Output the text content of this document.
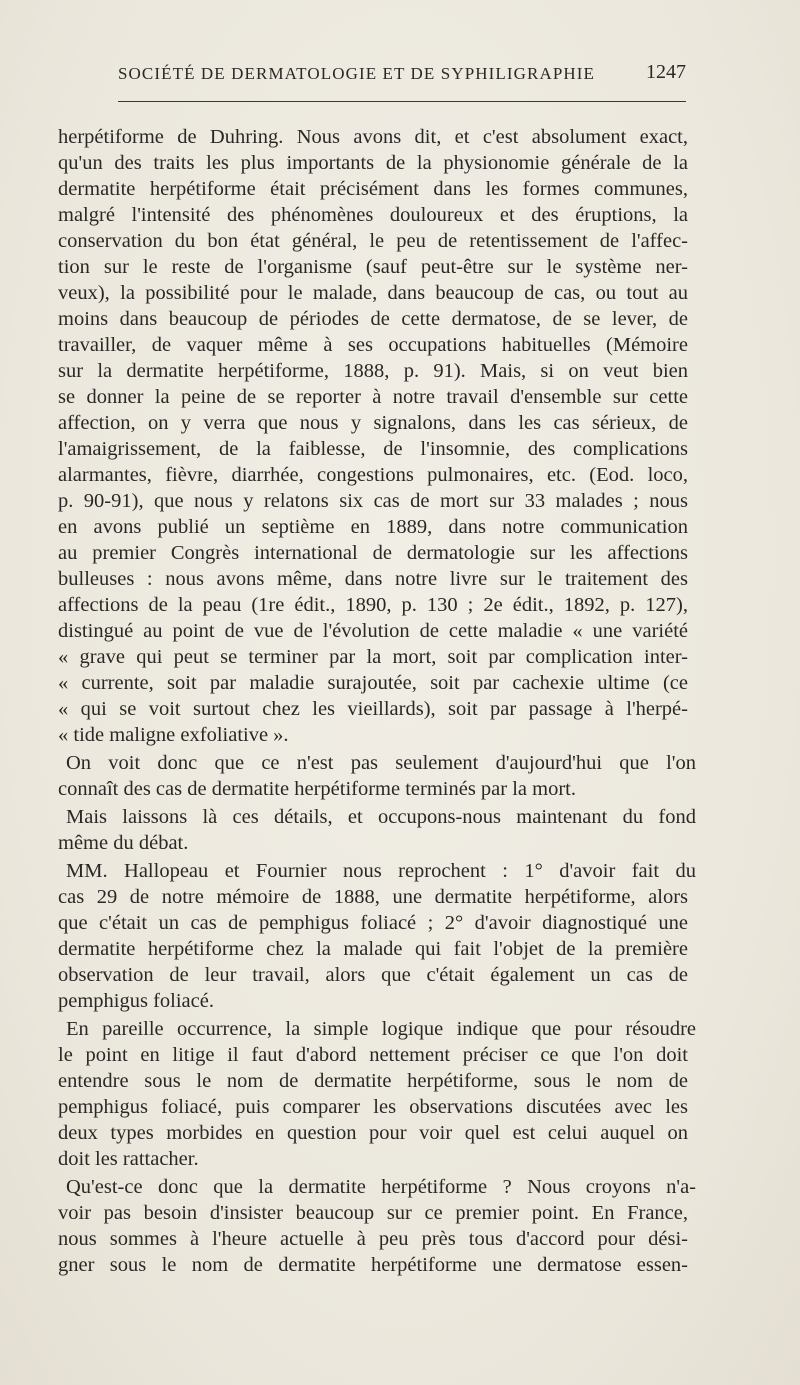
SOCIÉTÉ DE DERMATOLOGIE ET DE SYPHILIGRAPHIE	1247
herpétiforme de Duhring. Nous avons dit, et c'est absolument exact,
qu'un des traits les plus importants de la physionomie générale de la
dermatite herpétiforme était précisément dans les formes communes,
malgré l'intensité des phénomènes douloureux et des éruptions, la
conservation du bon état général, le peu de retentissement de l'affec-
tion sur le reste de l'organisme (sauf peut-être sur le système ner-
veux), la possibilité pour le malade, dans beaucoup de cas, ou tout au
moins dans beaucoup de périodes de cette dermatose, de se lever, de
travailler, de vaquer même à ses occupations habituelles (Mémoire
sur la dermatite herpétiforme, 1888, p. 91). Mais, si on veut bien
se donner la peine de se reporter à notre travail d'ensemble sur cette
affection, on y verra que nous y signalons, dans les cas sérieux, de
l'amaigrissement, de la faiblesse, de l'insomnie, des complications
alarmantes, fièvre, diarrhée, congestions pulmonaires, etc. (Eod. loco,
p. 90-91), que nous y relatons six cas de mort sur 33 malades ; nous
en avons publié un septième en 1889, dans notre communication
au premier Congrès international de dermatologie sur les affections
bulleuses : nous avons même, dans notre livre sur le traitement des
affections de la peau (1re édit., 1890, p. 130 ; 2e édit., 1892, p. 127),
distingué au point de vue de l'évolution de cette maladie « une variété
« grave qui peut se terminer par la mort, soit par complication inter-
« currente, soit par maladie surajoutée, soit par cachexie ultime (ce
« qui se voit surtout chez les vieillards), soit par passage à l'herpé-
« tide maligne exfoliative ».
On voit donc que ce n'est pas seulement d'aujourd'hui que l'on
connaît des cas de dermatite herpétiforme terminés par la mort.
Mais laissons là ces détails, et occupons-nous maintenant du fond
même du débat.
MM. Hallopeau et Fournier nous reprochent : 1° d'avoir fait du
cas 29 de notre mémoire de 1888, une dermatite herpétiforme, alors
que c'était un cas de pemphigus foliacé ; 2° d'avoir diagnostiqué une
dermatite herpétiforme chez la malade qui fait l'objet de la première
observation de leur travail, alors que c'était également un cas de
pemphigus foliacé.
En pareille occurrence, la simple logique indique que pour résoudre
le point en litige il faut d'abord nettement préciser ce que l'on doit
entendre sous le nom de dermatite herpétiforme, sous le nom de
pemphigus foliacé, puis comparer les observations discutées avec les
deux types morbides en question pour voir quel est celui auquel on
doit les rattacher.
Qu'est-ce donc que la dermatite herpétiforme ? Nous croyons n'a-
voir pas besoin d'insister beaucoup sur ce premier point. En France,
nous sommes à l'heure actuelle à peu près tous d'accord pour dési-
gner sous le nom de dermatite herpétiforme une dermatose essen-
